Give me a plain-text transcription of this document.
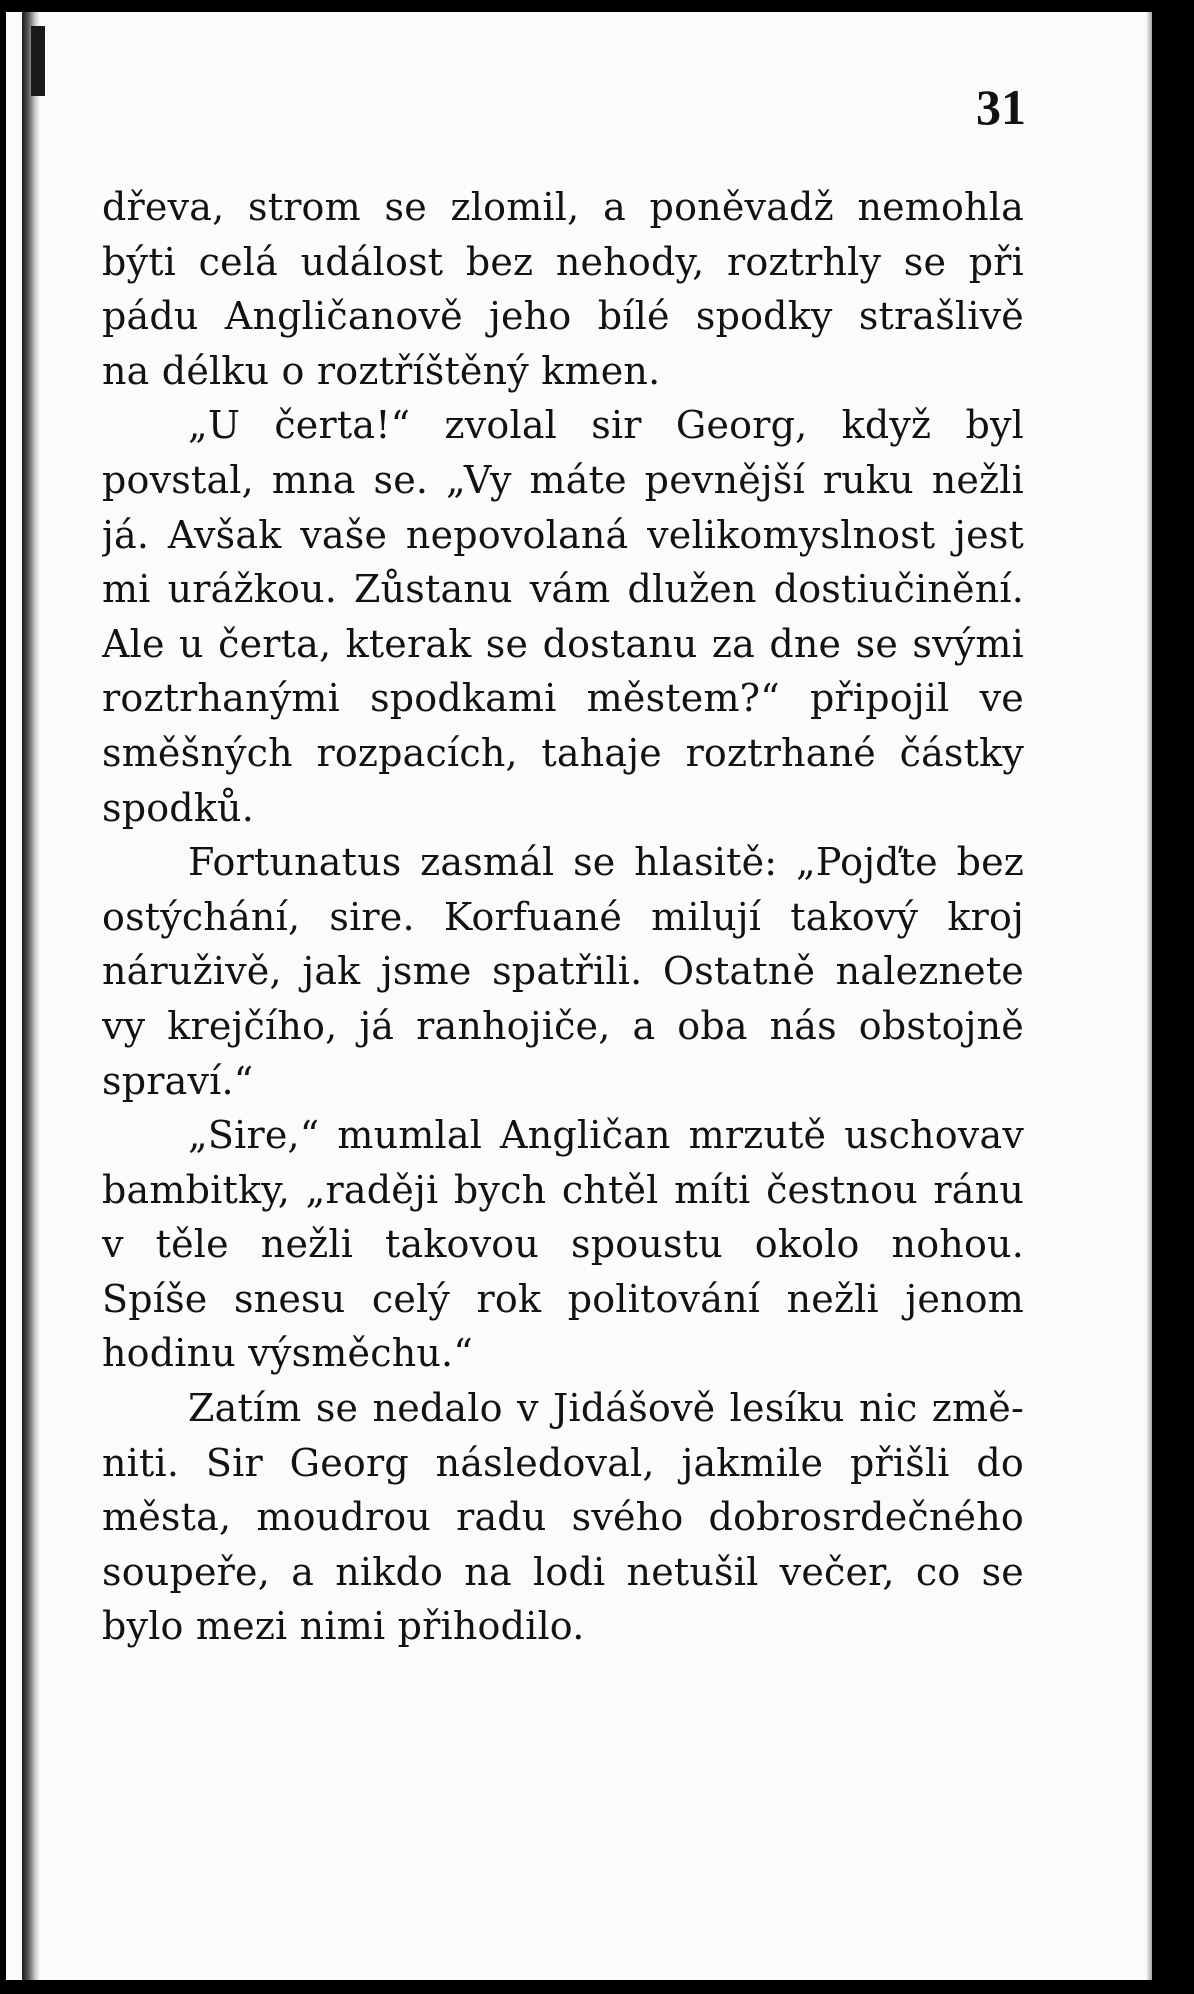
31
dřeva, strom se zlomil, a poněvadž nemohla
býti celá událost bez nehody, roztrhly se při
pádu Angličanově jeho bílé spodky strašlivě
na délku o roztříštěný kmen.
„U čerta!“ zvolal sir Georg, když byl
povstal, mna se. „Vy máte pevnější ruku nežli
já. Avšak vaše nepovolaná velikomyslnost jest
mi urážkou. Zůstanu vám dlužen dostiučinění.
Ale u čerta, kterak se dostanu za dne se svými
roztrhanými spodkami městem?“ připojil ve
směšných rozpacích, tahaje roztrhané částky
spodků.
Fortunatus zasmál se hlasitě: „Pojďte bez
ostýchání, sire. Korfuané milují takový kroj
náruživě, jak jsme spatřili. Ostatně naleznete
vy krejčího, já ranhojiče, a oba nás obstojně
spraví.“
„Sire,“ mumlal Angličan mrzutě uschovav
bambitky, „raději bych chtěl míti čestnou ránu
v těle nežli takovou spoustu okolo nohou.
Spíše snesu celý rok politování nežli jenom
hodinu výsměchu.“
Zatím se nedalo v Jidášově lesíku nic změ-
niti. Sir Georg následoval, jakmile přišli do
města, moudrou radu svého dobrosrdečného
soupeře, a nikdo na lodi netušil večer, co se
bylo mezi nimi přihodilo.
